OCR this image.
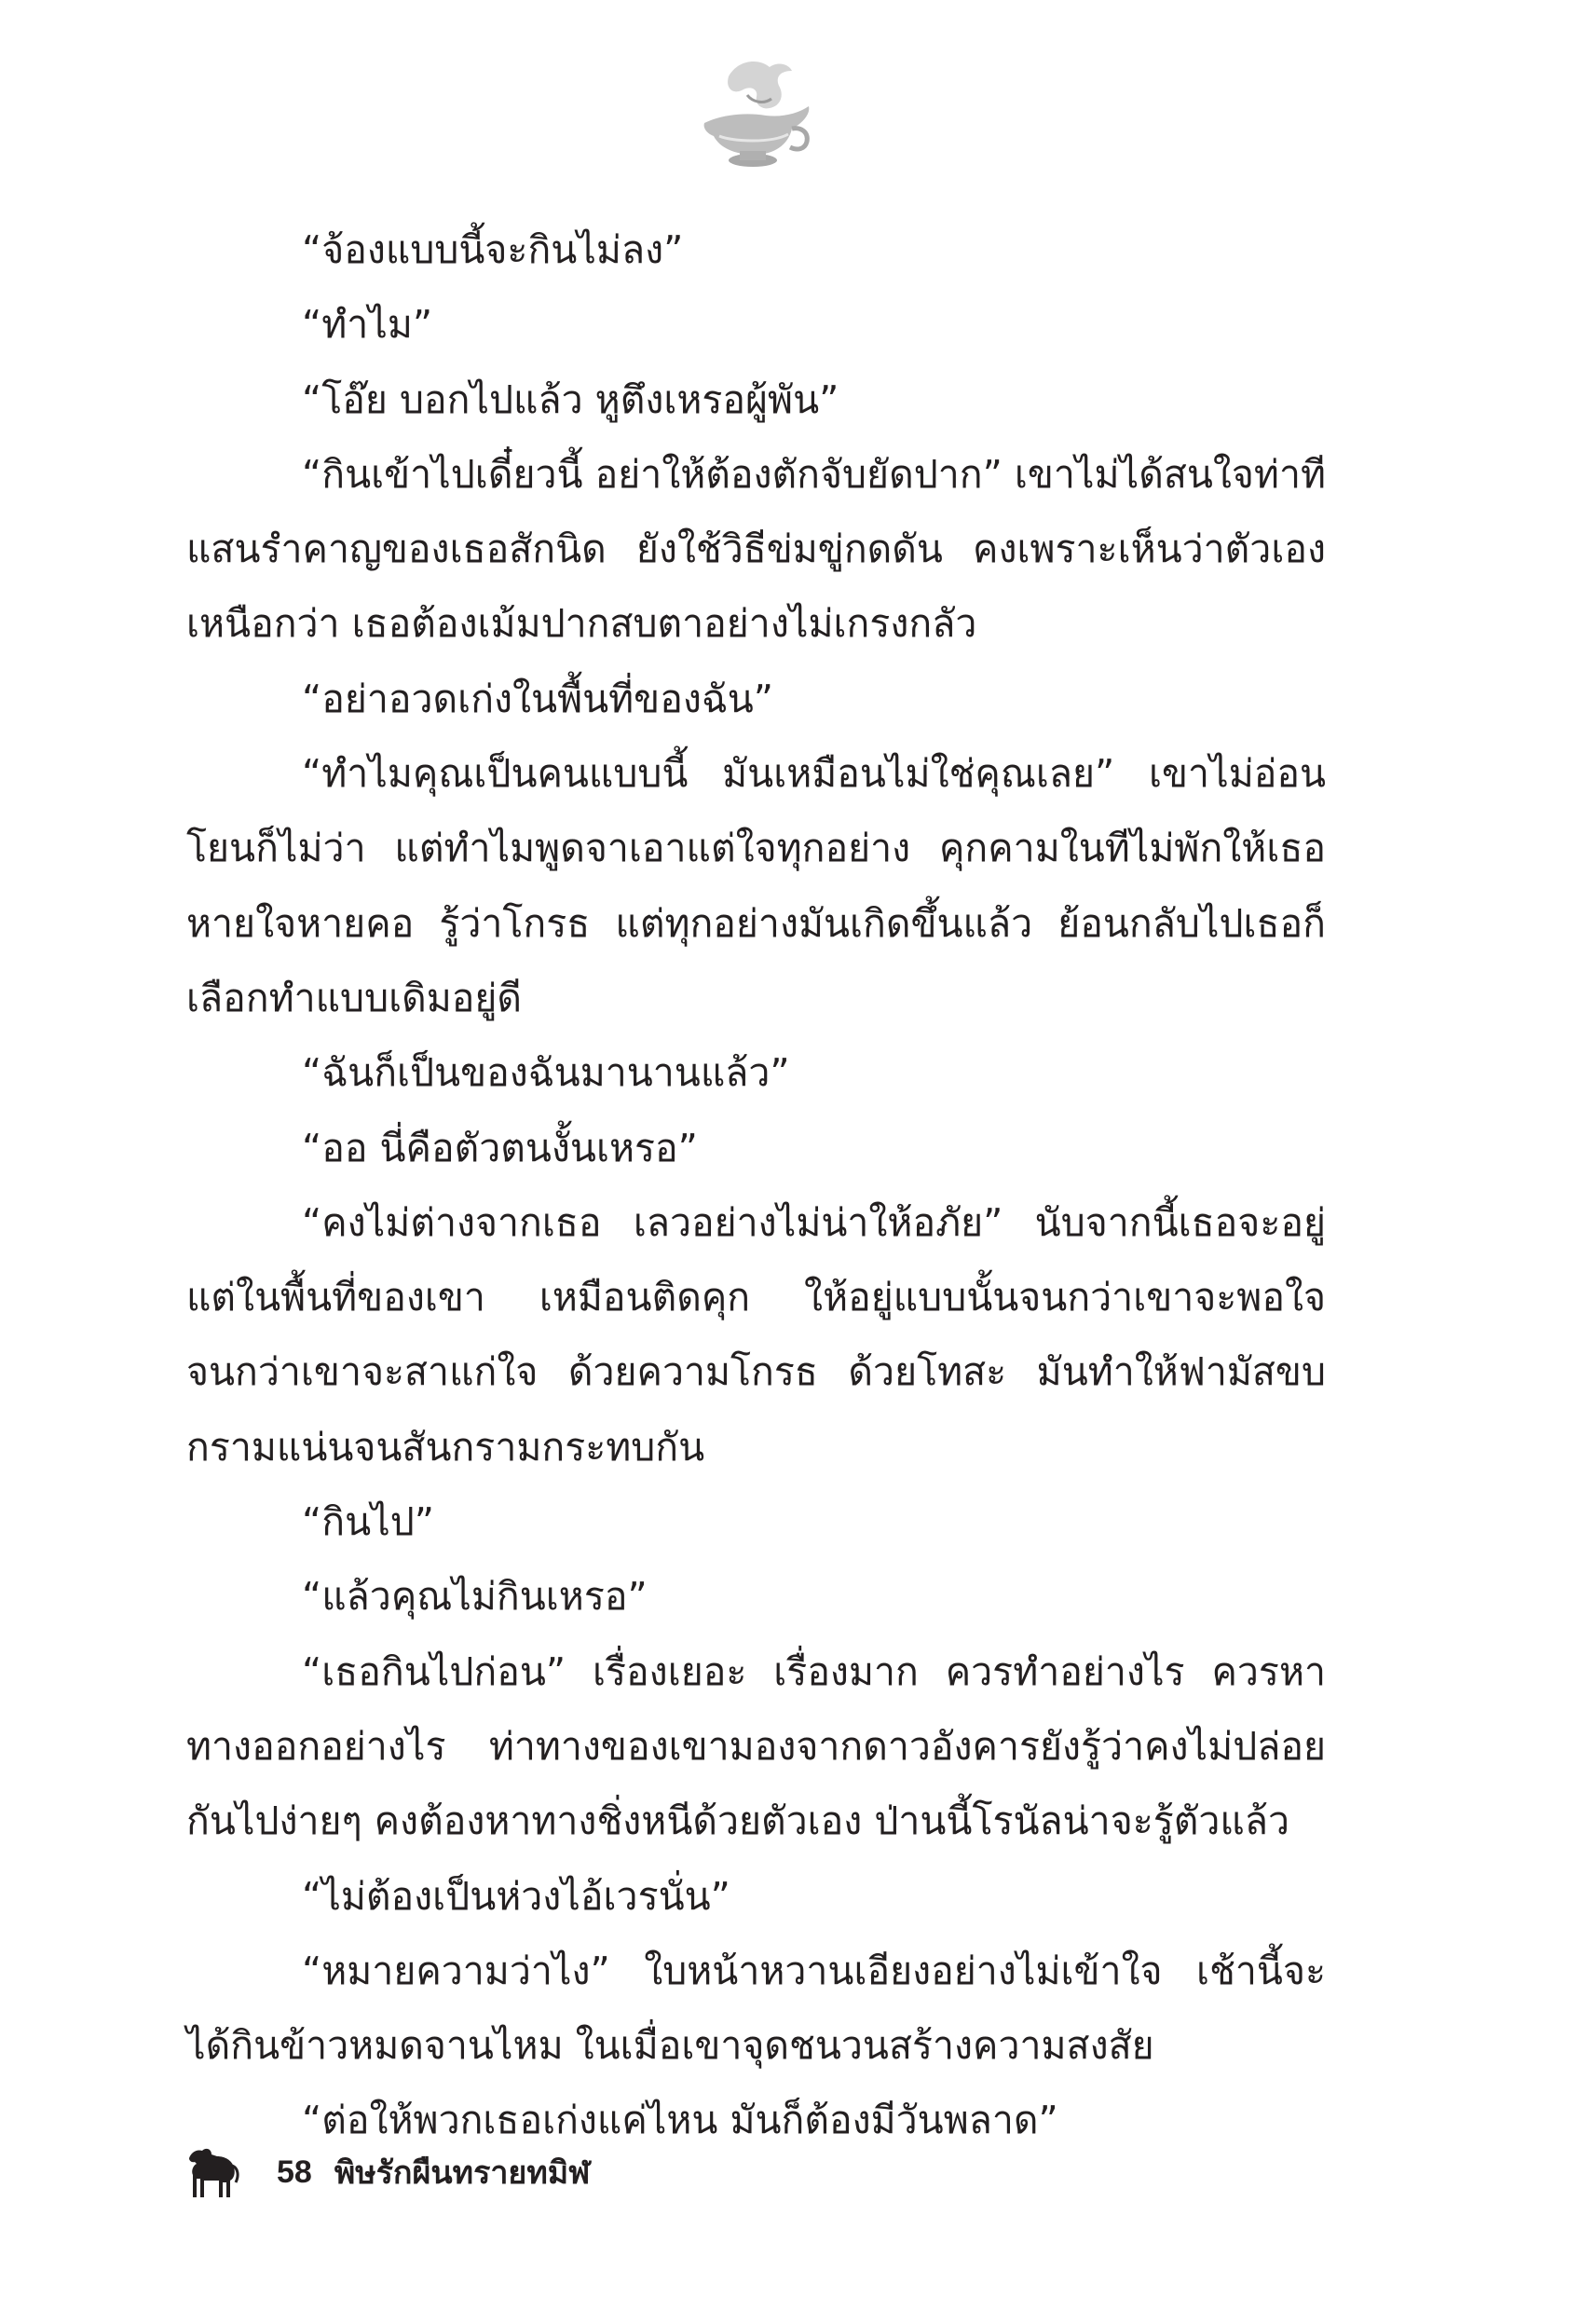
“จ้องแบบนี้จะกินไม่ลง”

“ทำไม”

“โอ๊ย บอกไปแล้ว หูตึงเหรอผู้พัน”

“กินเข้าไปเดี๋ยวนี้ อย่าให้ต้องตักจับยัดปาก” เขาไม่ได้สนใจท่าทีแสนรำคาญของเธอสักนิด ยังใช้วิธีข่มขู่กดดัน คงเพราะเห็นว่าตัวเองเหนือกว่า เธอต้องเม้มปากสบตาอย่างไม่เกรงกลัว

“อย่าอวดเก่งในพื้นที่ของฉัน”

“ทำไมคุณเป็นคนแบบนี้ มันเหมือนไม่ใช่คุณเลย” เขาไม่อ่อนโยนก็ไม่ว่า แต่ทำไมพูดจาเอาแต่ใจทุกอย่าง คุกคามในทีไม่พักให้เธอหายใจหายคอ รู้ว่าโกรธ แต่ทุกอย่างมันเกิดขึ้นแล้ว ย้อนกลับไปเธอก็เลือกทำแบบเดิมอยู่ดี

“ฉันก็เป็นของฉันมานานแล้ว”

“ออ นี่คือตัวตนงั้นเหรอ”

“คงไม่ต่างจากเธอ เลวอย่างไม่น่าให้อภัย” นับจากนี้เธอจะอยู่แต่ในพื้นที่ของเขา เหมือนติดคุก ให้อยู่แบบนั้นจนกว่าเขาจะพอใจ จนกว่าเขาจะสาแก่ใจ ด้วยความโกรธ ด้วยโทสะ มันทำให้ฟามัสขบกรามแน่นจนสันกรามกระทบกัน

“กินไป”

“แล้วคุณไม่กินเหรอ”

“เธอกินไปก่อน” เรื่องเยอะ เรื่องมาก ควรทำอย่างไร ควรหาทางออกอย่างไร ท่าทางของเขามองจากดาวอังคารยังรู้ว่าคงไม่ปล่อยกันไปง่ายๆ คงต้องหาทางชิ่งหนีด้วยตัวเอง ป่านนี้โรนัลน่าจะรู้ตัวแล้ว

“ไม่ต้องเป็นห่วงไอ้เวรนั่น”

“หมายความว่าไง” ใบหน้าหวานเอียงอย่างไม่เข้าใจ เช้านี้จะได้กินข้าวหมดจานไหม ในเมื่อเขาจุดชนวนสร้างความสงสัย

“ต่อให้พวกเธอเก่งแค่ไหน มันก็ต้องมีวันพลาด”

58 พิษรักผืนทรายทมิฬ
